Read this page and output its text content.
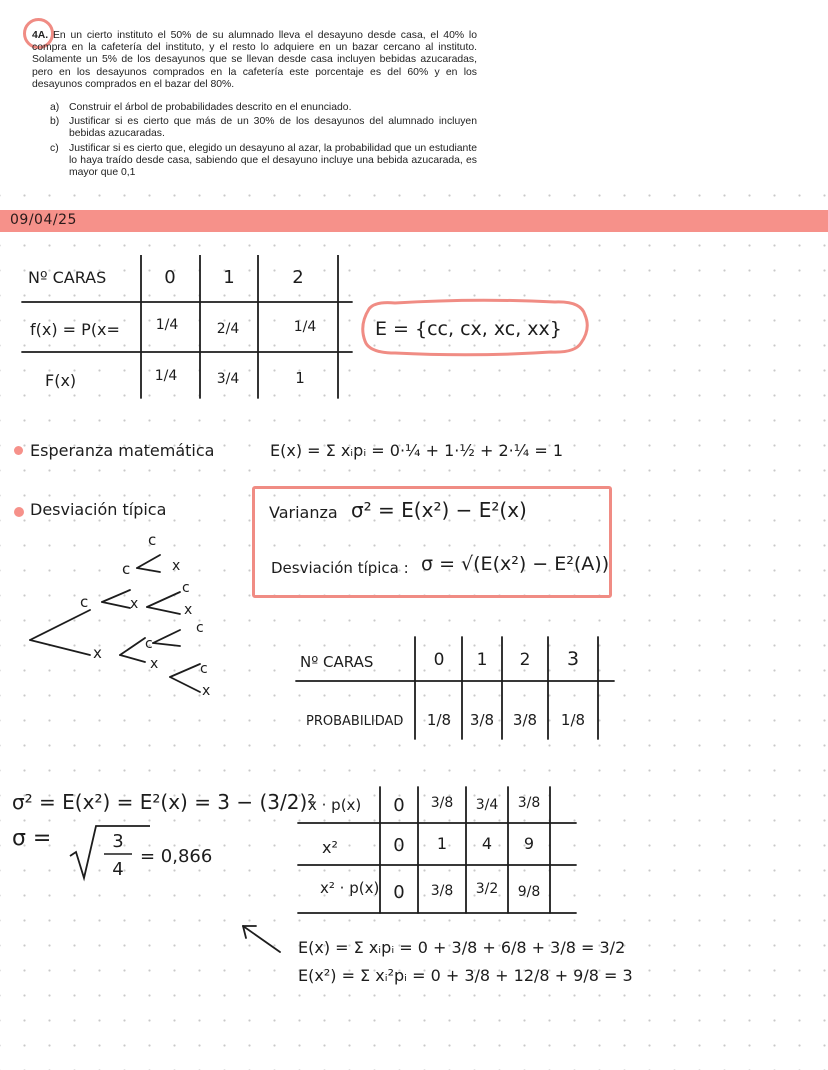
4A. En un cierto instituto el 50% de su alumnado lleva el desayuno desde casa, el 40% lo compra en la cafetería del instituto, y el resto lo adquiere en un bazar cercano al instituto. Solamente un 5% de los desayunos que se llevan desde casa incluyen bebidas azucaradas, pero en los desayunos comprados en la cafetería este porcentaje es del 60% y en los desayunos comprados en el bazar del 80%.

a) Construir el árbol de probabilidades descrito en el enunciado.
b) Justificar si es cierto que más de un 30% de los desayunos del alumnado incluyen bebidas azucaradas.
c) Justificar si es cierto que, elegido un desayuno al azar, la probabilidad que un estudiante lo haya traído desde casa, sabiendo que el desayuno incluye una bebida azucarada, es mayor que 0,1
09/04/25
Nº CARAS	0	1	2
f(x) = P(x=	1/4	2/4	1/4
F(x)	1/4	3/4	1
E = {cc, cx, xc, xx}
Esperanza matemática	E(x) = Σ xᵢpᵢ = 0·¼ + 1·½ + 2·¼ = 1
Desviación típica	Varianza σ² = E(x²) − E²(x)
Desviación típica : σ = √(E(x²) − E²(A))
c
c
c
x
x
c
x
c
c
x
x	c
x
Nº CARAS	0 1 2 3
PROBABILIDAD 1/8 3/8 3/8 1/8
σ² = E(x²) = E²(x) = 3 − (3/2)²
σ =	3
4
= 0,866
x · p(x) 0 3/8 3/4 3/8
x²	0 1 4 9
x² · p(x) 0 3/8 3/2 9/8
E(x) = Σ xᵢpᵢ = 0 + 3/8 + 6/8 + 3/8 = 3/2
E(x²) = Σ xᵢ²pᵢ = 0 + 3/8 + 12/8 + 9/8 = 3
